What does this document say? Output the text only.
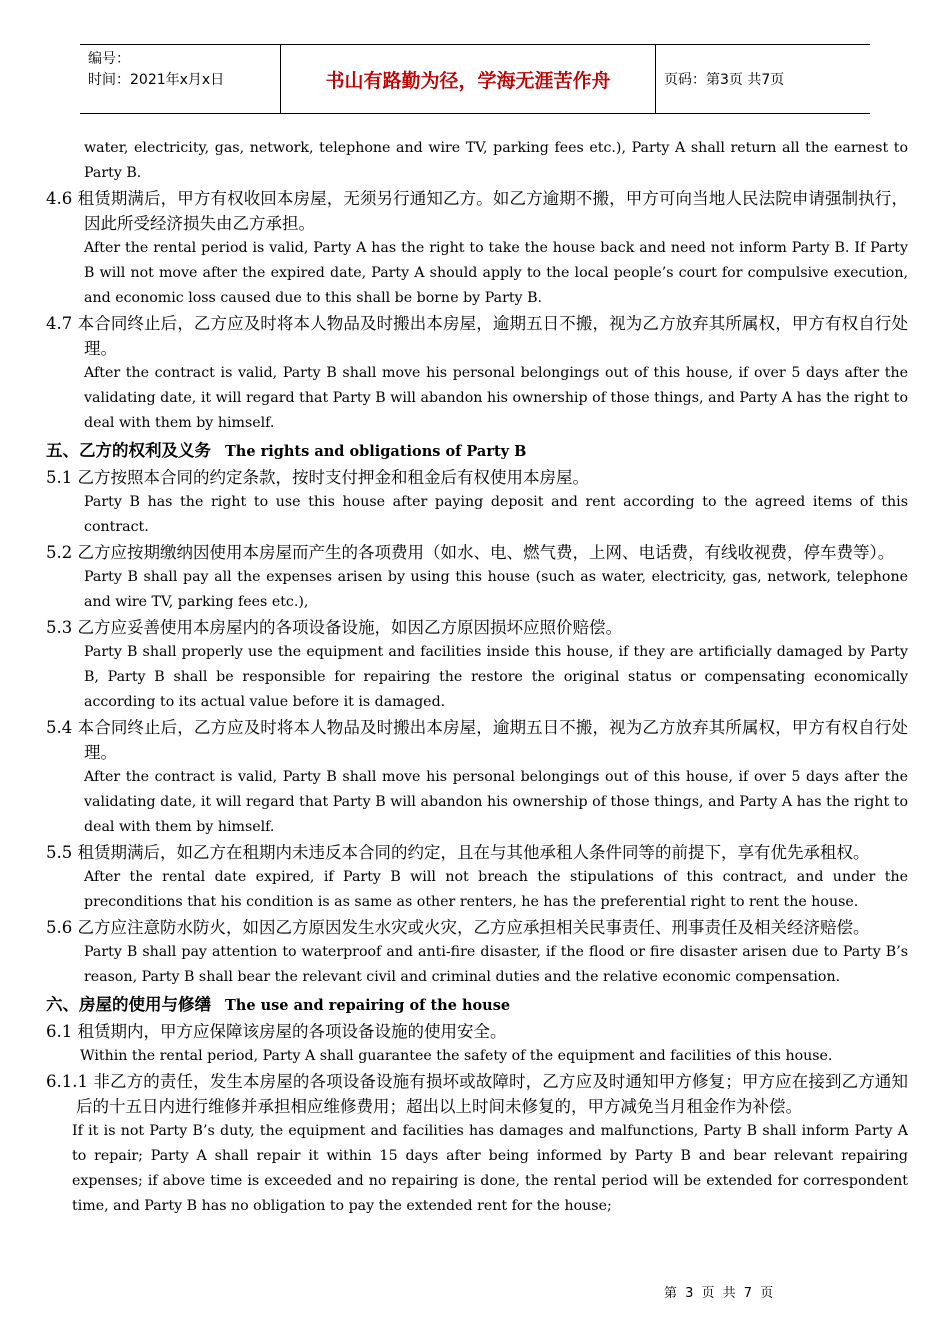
编号：
时间：2021年x月x日	书山有路勤为径，学海无涯苦作舟	页码：第3页 共7页
water, electricity, gas, network, telephone and wire TV, parking fees etc.), Party A shall return all the earnest to Party B.
4.6 租赁期满后，甲方有权收回本房屋，无须另行通知乙方。如乙方逾期不搬，甲方可向当地人民法院申请强制执行，因此所受经济损失由乙方承担。
After the rental period is valid, Party A has the right to take the house back and need not inform Party B. If Party B will not move after the expired date, Party A should apply to the local people’s court for compulsive execution, and economic loss caused due to this shall be borne by Party B.
4.7 本合同终止后，乙方应及时将本人物品及时搬出本房屋，逾期五日不搬，视为乙方放弃其所属权，甲方有权自行处理。
After the contract is valid, Party B shall move his personal belongings out of this house, if over 5 days after the validating date, it will regard that Party B will abandon his ownership of those things, and Party A has the right to deal with them by himself.
五、乙方的权利及义务 The rights and obligations of Party B
5.1 乙方按照本合同的约定条款，按时支付押金和租金后有权使用本房屋。
Party B has the right to use this house after paying deposit and rent according to the agreed items of this contract.
5.2 乙方应按期缴纳因使用本房屋而产生的各项费用（如水、电、燃气费，上网、电话费，有线收视费，停车费等）。
Party B shall pay all the expenses arisen by using this house (such as water, electricity, gas, network, telephone and wire TV, parking fees etc.),
5.3 乙方应妥善使用本房屋内的各项设备设施，如因乙方原因损坏应照价赔偿。
Party B shall properly use the equipment and facilities inside this house, if they are artificially damaged by Party B, Party B shall be responsible for repairing the restore the original status or compensating economically according to its actual value before it is damaged.
5.4 本合同终止后，乙方应及时将本人物品及时搬出本房屋，逾期五日不搬，视为乙方放弃其所属权，甲方有权自行处理。
After the contract is valid, Party B shall move his personal belongings out of this house, if over 5 days after the validating date, it will regard that Party B will abandon his ownership of those things, and Party A has the right to deal with them by himself.
5.5 租赁期满后，如乙方在租期内未违反本合同的约定，且在与其他承租人条件同等的前提下，享有优先承租权。
After the rental date expired, if Party B will not breach the stipulations of this contract, and under the preconditions that his condition is as same as other renters, he has the preferential right to rent the house.
5.6 乙方应注意防水防火，如因乙方原因发生水灾或火灾，乙方应承担相关民事责任、刑事责任及相关经济赔偿。
Party B shall pay attention to waterproof and anti-fire disaster, if the flood or fire disaster arisen due to Party B’s reason, Party B shall bear the relevant civil and criminal duties and the relative economic compensation.
六、房屋的使用与修缮 The use and repairing of the house
6.1 租赁期内，甲方应保障该房屋的各项设备设施的使用安全。
Within the rental period, Party A shall guarantee the safety of the equipment and facilities of this house.
6.1.1 非乙方的责任，发生本房屋的各项设备设施有损坏或故障时，乙方应及时通知甲方修复；甲方应在接到乙方通知后的十五日内进行维修并承担相应维修费用；超出以上时间未修复的，甲方减免当月租金作为补偿。
If it is not Party B’s duty, the equipment and facilities has damages and malfunctions, Party B shall inform Party A to repair; Party A shall repair it within 15 days after being informed by Party B and bear relevant repairing expenses; if above time is exceeded and no repairing is done, the rental period will be extended for correspondent time, and Party B has no obligation to pay the extended rent for the house;
第 3 页 共 7 页
